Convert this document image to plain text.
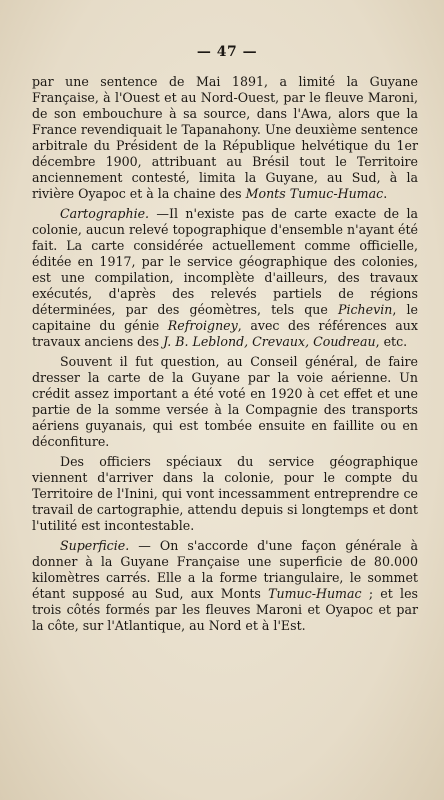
— 47 —
par une sentence de Mai 1891, a limité la Guyane Française, à l'Ouest et au Nord-Ouest, par le fleuve Maroni, de son embouchure à sa source, dans l'Awa, alors que la France revendiquait le Tapanahony. Une deuxième sentence arbitrale du Président de la République helvétique du 1er décembre 1900, attribuant au Brésil tout le Territoire anciennement contesté, limita la Guyane, au Sud, à la rivière Oyapoc et à la chaine des Monts Tumuc-Humac.
Cartographie. —Il n'existe pas de carte exacte de la colonie, aucun relevé topographique d'ensemble n'ayant été fait. La carte considérée actuellement comme officielle, éditée en 1917, par le service géographique des colonies, est une compilation, incomplète d'ailleurs, des travaux exécutés, d'après des relevés partiels de régions déterminées, par des géomètres, tels que Pichevin, le capitaine du génie Refroigney, avec des références aux travaux anciens des J. B. Leblond, Crevaux, Coudreau, etc.
Souvent il fut question, au Conseil général, de faire dresser la carte de la Guyane par la voie aérienne. Un crédit assez important a été voté en 1920 à cet effet et une partie de la somme versée à la Compagnie des transports aériens guyanais, qui est tombée ensuite en faillite ou en déconfiture.
Des officiers spéciaux du service géographique viennent d'arriver dans la colonie, pour le compte du Territoire de l'Inini, qui vont incessamment entreprendre ce travail de cartographie, attendu depuis si longtemps et dont l'utilité est incontestable.
Superficie. — On s'accorde d'une façon générale à donner à la Guyane Française une superficie de 80.000 kilomètres carrés. Elle a la forme triangulaire, le sommet étant supposé au Sud, aux Monts Tumuc-Humac ; et les trois côtés formés par les fleuves Maroni et Oyapoc et par la côte, sur l'Atlantique, au Nord et à l'Est.
